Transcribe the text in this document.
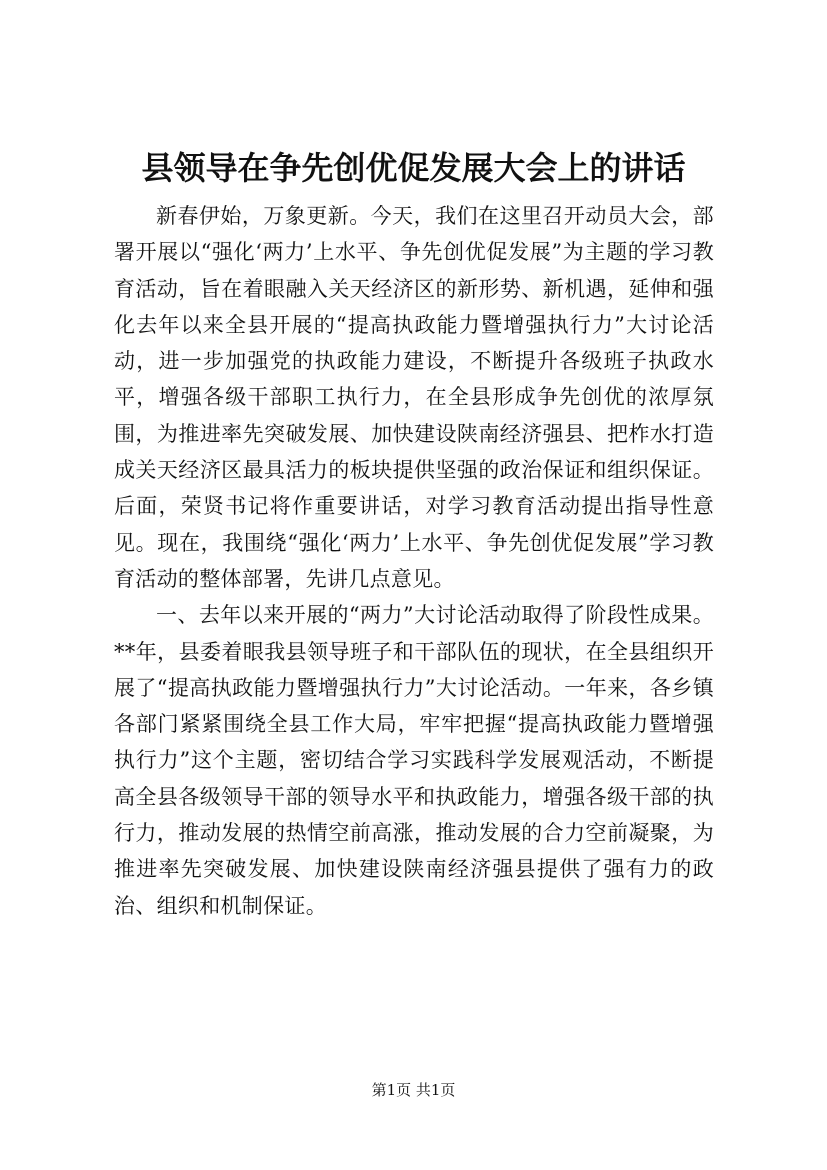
县领导在争先创优促发展大会上的讲话

新春伊始，万象更新。今天，我们在这里召开动员大会，部署开展以“强化‘两力’上水平、争先创优促发展”为主题的学习教育活动，旨在着眼融入关天经济区的新形势、新机遇，延伸和强化去年以来全县开展的“提高执政能力暨增强执行力”大讨论活动，进一步加强党的执政能力建设，不断提升各级班子执政水平，增强各级干部职工执行力，在全县形成争先创优的浓厚氛围，为推进率先突破发展、加快建设陕南经济强县、把柞水打造成关天经济区最具活力的板块提供坚强的政治保证和组织保证。后面，荣贤书记将作重要讲话，对学习教育活动提出指导性意见。现在，我围绕“强化‘两力’上水平、争先创优促发展”学习教育活动的整体部署，先讲几点意见。

一、去年以来开展的“两力”大讨论活动取得了阶段性成果。**年，县委着眼我县领导班子和干部队伍的现状，在全县组织开展了“提高执政能力暨增强执行力”大讨论活动。一年来，各乡镇各部门紧紧围绕全县工作大局，牢牢把握“提高执政能力暨增强执行力”这个主题，密切结合学习实践科学发展观活动，不断提高全县各级领导干部的领导水平和执政能力，增强各级干部的执行力，推动发展的热情空前高涨，推动发展的合力空前凝聚，为推进率先突破发展、加快建设陕南经济强县提供了强有力的政治、组织和机制保证。

第1页 共1页
